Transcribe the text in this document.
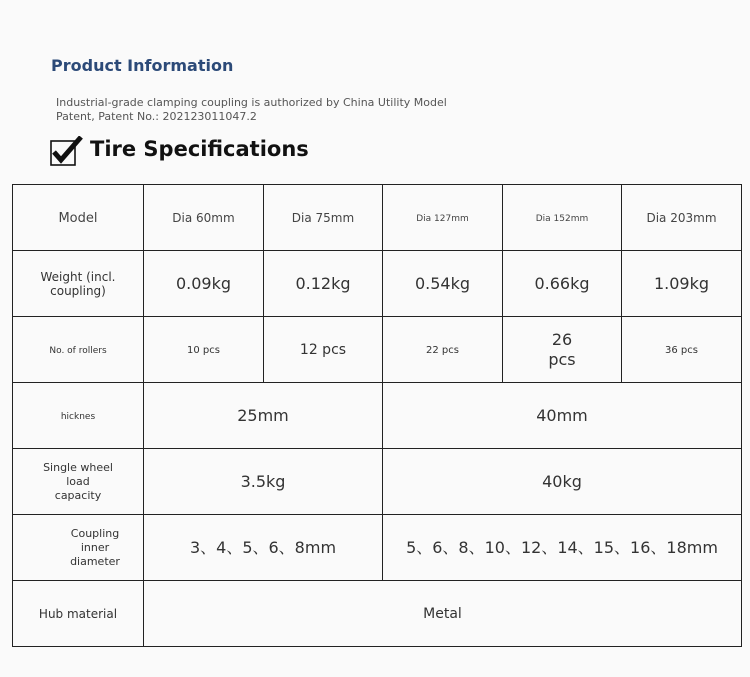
Product Information
Industrial-grade clamping coupling is authorized by China Utility Model Patent, Patent No.: 202123011047.2
Tire Specifications
Model	Dia 60mm	Dia 75mm	Dia 127mm	Dia 152mm	Dia 203mm

Weight (incl. coupling)	0.09kg	0.12kg	0.54kg	0.66kg	1.09kg
No. of rollers	10 pcs	12 pcs	22 pcs	26 pcs	36 pcs
hicknes	25mm		40mm		

Single wheel load capacity	3.5kg		40kg		

Coupling inner diameter	3、4、5、6、8mm		5、6、8、10、12、14、15、16、18mm		
Hub material	Metal				
